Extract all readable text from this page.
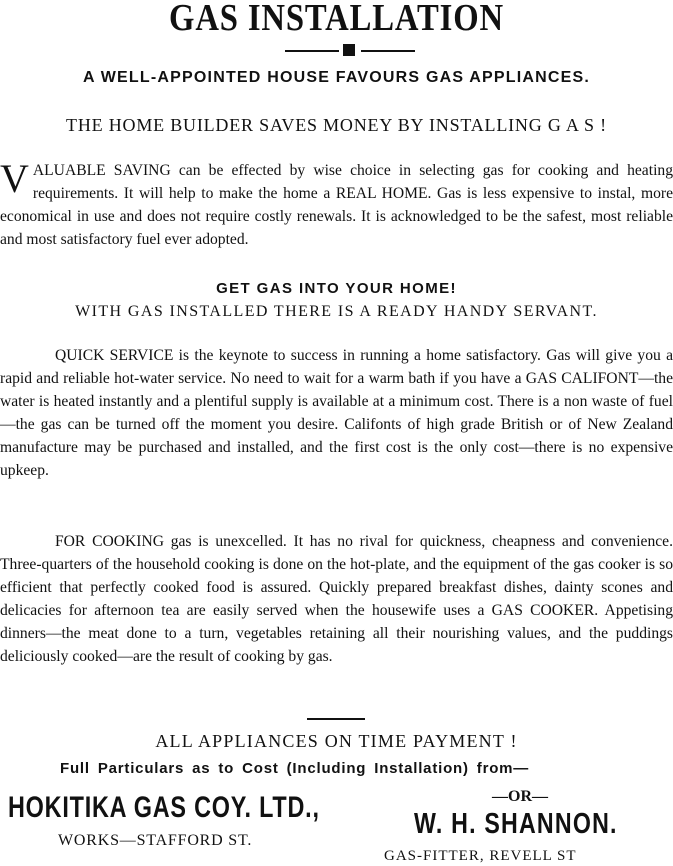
GAS INSTALLATION
A WELL-APPOINTED HOUSE FAVOURS GAS APPLIANCES.
THE HOME BUILDER SAVES MONEY BY INSTALLING G A S !
V ALUABLE SAVING can be effected by wise choice in selecting gas for cooking and heating requirements. It will help to make the home a REAL HOME. Gas is less expensive to instal, more economical in use and does not require costly renewals. It is acknowledged to be the safest, most reliable and most satisfactory fuel ever adopted.
GET GAS INTO YOUR HOME!
WITH GAS INSTALLED THERE IS A READY HANDY SERVANT.
QUICK SERVICE is the keynote to success in running a home satisfactory. Gas will give you a rapid and reliable hot-water service. No need to wait for a warm bath if you have a GAS CALIFONT—the water is heated instantly and a plentiful supply is available at a minimum cost. There is a non waste of fuel—the gas can be turned off the moment you desire. Califonts of high grade British or of New Zealand manufacture may be purchased and installed, and the first cost is the only cost—there is no expensive upkeep.
FOR COOKING gas is unexcelled. It has no rival for quickness, cheapness and convenience. Three-quarters of the household cooking is done on the hot-plate, and the equipment of the gas cooker is so efficient that perfectly cooked food is assured. Quickly prepared breakfast dishes, dainty scones and delicacies for afternoon tea are easily served when the housewife uses a GAS COOKER. Appetising dinners—the meat done to a turn, vegetables retaining all their nourishing values, and the puddings deliciously cooked—are the result of cooking by gas.
ALL APPLIANCES ON TIME PAYMENT !
Full Particulars as to Cost (Including Installation) from—
HOKITIKA GAS COY. LTD.,
WORKS—STAFFORD ST.
—OR—
W. H. SHANNON.
GAS-FITTER, REVELL ST
